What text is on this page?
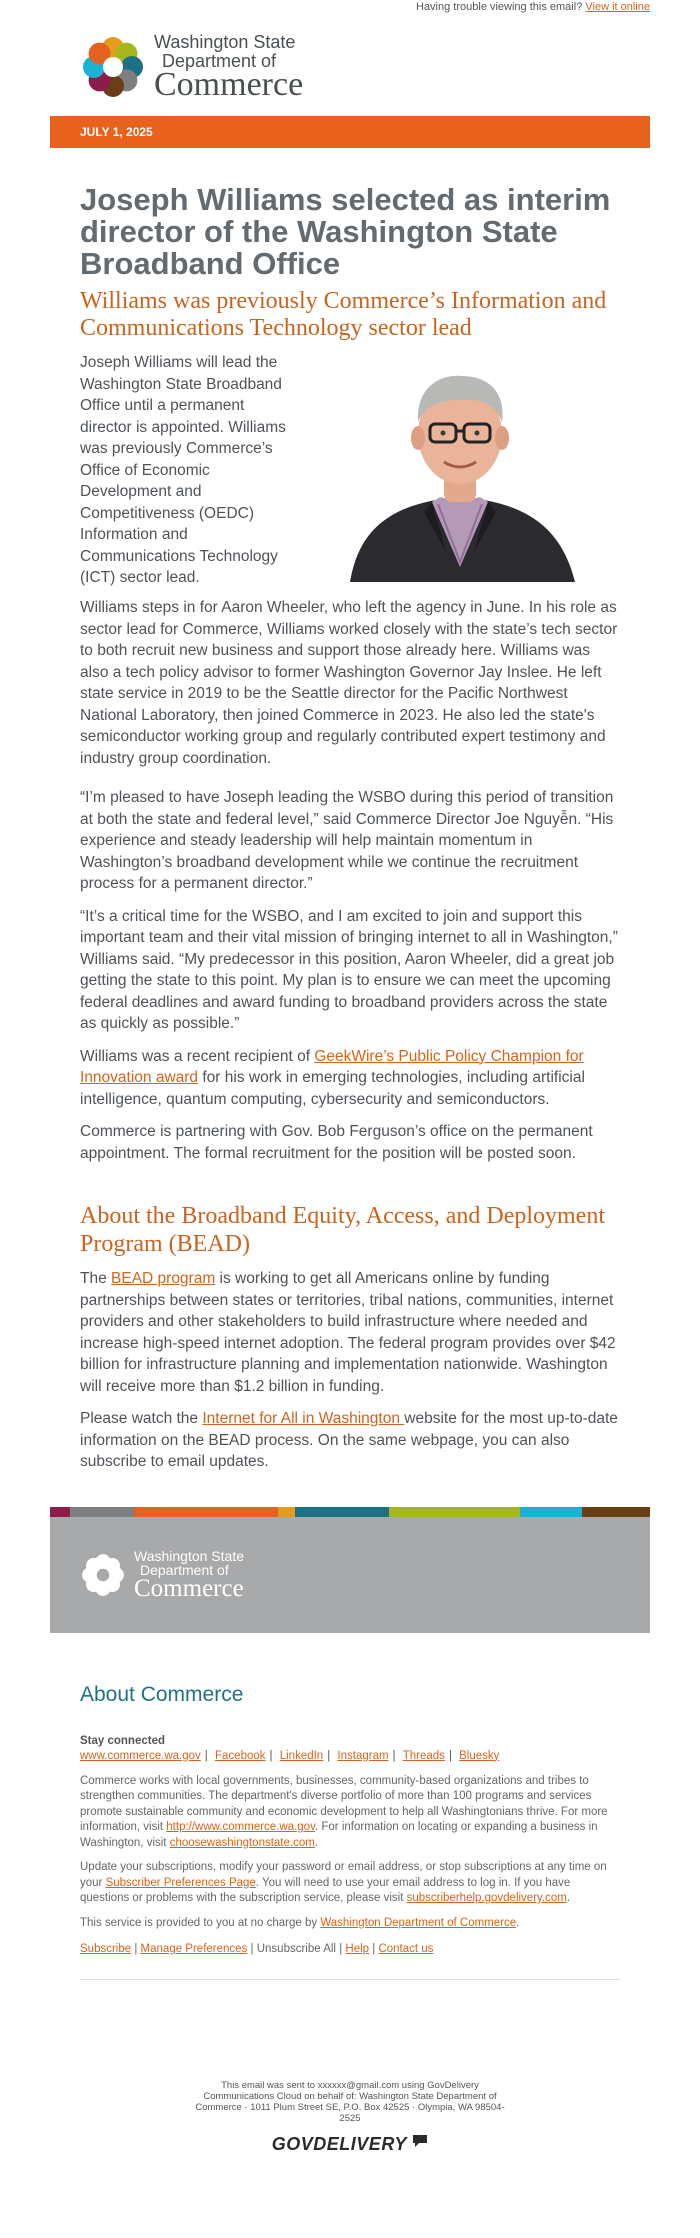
Having trouble viewing this email? View it online
Washington State
Department of
Commerce
JULY 1, 2025
Joseph Williams selected as interim director of the Washington State Broadband Office
Williams was previously Commerce’s Information and Communications Technology sector lead

Joseph Williams will lead the Washington State Broadband Office until a permanent director is appointed. Williams was previously Commerce’s Office of Economic Development and Competitiveness (OEDC) Information and Communications Technology (ICT) sector lead.

Williams steps in for Aaron Wheeler, who left the agency in June. In his role as sector lead for Commerce, Williams worked closely with the state’s tech sector to both recruit new business and support those already here. Williams was also a tech policy advisor to former Washington Governor Jay Inslee. He left state service in 2019 to be the Seattle director for the Pacific Northwest National Laboratory, then joined Commerce in 2023. He also led the state's semiconductor working group and regularly contributed expert testimony and industry group coordination.

“I’m pleased to have Joseph leading the WSBO during this period of transition at both the state and federal level,” said Commerce Director Joe Nguyễn. “His experience and steady leadership will help maintain momentum in Washington’s broadband development while we continue the recruitment process for a permanent director.”

“It’s a critical time for the WSBO, and I am excited to join and support this important team and their vital mission of bringing internet to all in Washington,” Williams said. “My predecessor in this position, Aaron Wheeler, did a great job getting the state to this point. My plan is to ensure we can meet the upcoming federal deadlines and award funding to broadband providers across the state as quickly as possible.”

Williams was a recent recipient of GeekWire’s Public Policy Champion for Innovation award for his work in emerging technologies, including artificial intelligence, quantum computing, cybersecurity and semiconductors.

Commerce is partnering with Gov. Bob Ferguson’s office on the permanent appointment. The formal recruitment for the position will be posted soon.

About the Broadband Equity, Access, and Deployment Program (BEAD)

The BEAD program is working to get all Americans online by funding partnerships between states or territories, tribal nations, communities, internet providers and other stakeholders to build infrastructure where needed and increase high-speed internet adoption. The federal program provides over $42 billion for infrastructure planning and implementation nationwide. Washington will receive more than $1.2 billion in funding.

Please watch the Internet for All in Washington website for the most up-to-date information on the BEAD process. On the same webpage, you can also subscribe to email updates.

Washington State
Department of
Commerce
About Commerce
Stay connected
www.commerce.wa.gov | Facebook | LinkedIn | Instagram | Threads | Bluesky

Commerce works with local governments, businesses, community-based organizations and tribes to strengthen communities. The department's diverse portfolio of more than 100 programs and services promote sustainable community and economic development to help all Washingtonians thrive. For more information, visit http://www.commerce.wa.gov. For information on locating or expanding a business in Washington, visit choosewashingtonstate.com.

Update your subscriptions, modify your password or email address, or stop subscriptions at any time on your Subscriber Preferences Page. You will need to use your email address to log in. If you have questions or problems with the subscription service, please visit subscriberhelp.govdelivery.com.

This service is provided to you at no charge by Washington Department of Commerce.

Subscribe | Manage Preferences | Unsubscribe All | Help | Contact us
This email was sent to xxxxxx@gmail.com using GovDelivery Communications Cloud on behalf of: Washington State Department of Commerce · 1011 Plum Street SE, P.O. Box 42525 · Olympia, WA 98504-2525
GOVDELIVERY
